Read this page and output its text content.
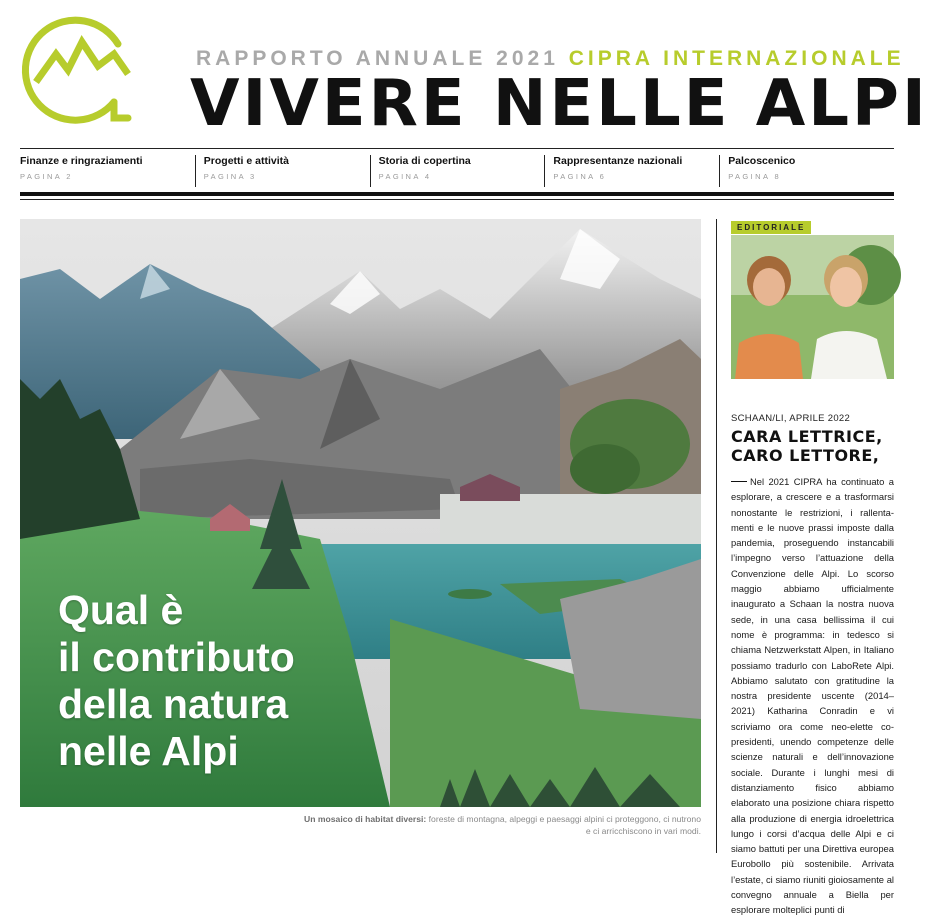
RAPPORTO ANNUALE 2021 CIPRA INTERNAZIONALE
VIVERE NELLE ALPI
Finanze e ringraziamenti
PAGINA 2
Progetti e attività
PAGINA 3
Storia di copertina
PAGINA 4
Rappresentanze nazionali
PAGINA 6
Palcoscenico
PAGINA 8
Qual è
il contributo
della natura
nelle Alpi
Un mosaico di habitat diversi: foreste di montagna, alpeggi e paesaggi alpini ci proteggono, ci nutrono e ci arricchiscono in vari modi.
EDITORIALE
SCHAAN/LI, APRILE 2022
CARA LETTRICE,
CARO LETTORE,
Nel 2021 CIPRA ha continuato a esplorare, a crescere e a trasformarsi nonostante le restrizioni, i rallenta-menti e le nuove prassi imposte dalla pandemia, proseguendo instancabili l’impegno verso l’attuazione della Convenzione delle Alpi. Lo scorso maggio abbiamo ufficialmente inaugurato a Schaan la nostra nuova sede, in una casa bellissima il cui nome è programma: in tedesco si chiama Netzwerkstatt Alpen, in Italiano possiamo tradurlo con LaboRete Alpi. Abbiamo salutato con gratitudine la nostra presidente uscente (2014–2021) Katharina Conradin e vi scriviamo ora come neo-elette co-presidenti, unendo competenze delle scienze naturali e dell’innovazione sociale. Durante i lunghi mesi di distanziamento fisico abbiamo elaborato una posizione chiara rispetto alla produzione di energia idroelettrica lungo i corsi d’acqua delle Alpi e ci siamo battuti per una Direttiva europea Eurobollo più sostenibile. Arrivata l’estate, ci siamo riuniti gioiosamente al convegno annuale a Biella per esplorare molteplici punti di
